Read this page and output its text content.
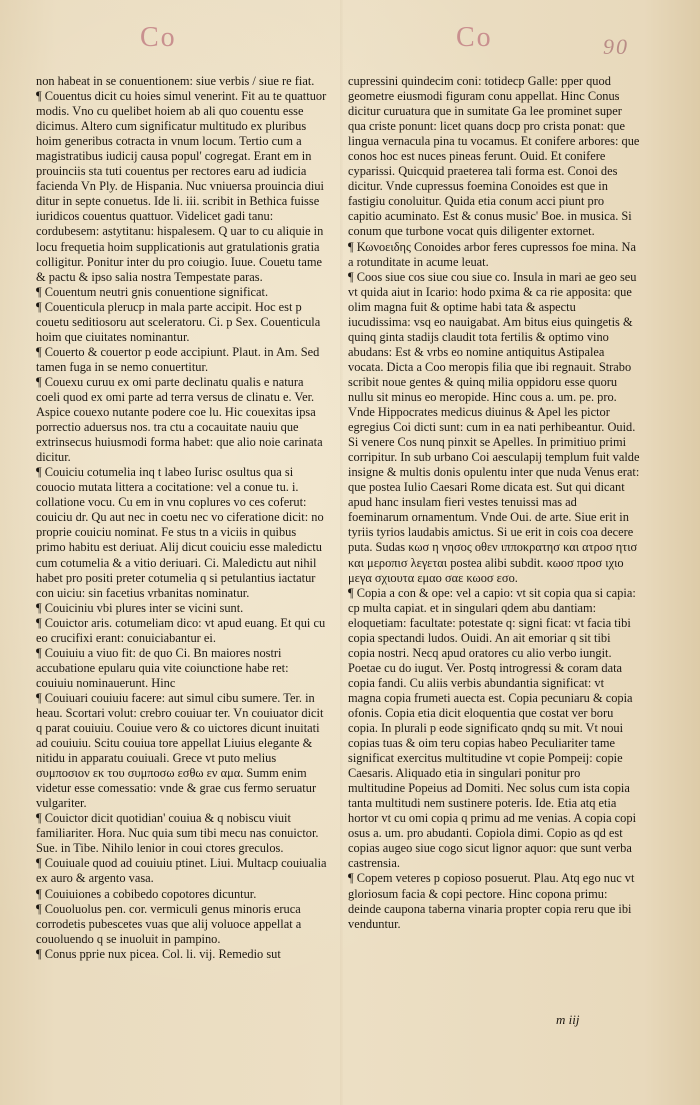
Co	Co	90

non habeat in se conuentionem: siue verbis / siue re fiat.

¶ Couentus dicit cu hoies simul venerint. Fit au te quattuor modis. Vno cu quelibet hoiem ab ali quo couentu esse dicimus. Altero cum significatur multitudo ex pluribus hoim generibus cotracta in vnum locum. Tertio cum a magistratibus iudicij causa popul' cogregat. Erant em in prouinciis sta tuti couentus per rectores earu ad iudicia facienda Vn Ply. de Hispania. Nuc vniuersa prouincia diui ditur in septe conuetus. Ide li. iii. scribit in Bethica fuisse iuridicos couentus quattuor. Videlicet gadi tanu: cordubesem: astytitanu: hispalesem. Q uar to cu aliquie in locu frequetia hoim supplicationis aut gratulationis gratia colligitur. Ponitur inter du pro coiugio. Iuue. Couetu tame & pactu & ipso salia nostra Tempestate paras.

¶ Couentum neutri gnis conuentione significat.

¶ Couenticula plerucp in mala parte accipit. Hoc est p couetu seditiosoru aut sceleratoru. Ci. p Sex. Couenticula hoim que ciuitates nominantur.

¶ Couerto & couertor p eode accipiunt. Plaut. in Am. Sed tamen fuga in se nemo conuertitur.

¶ Couexu curuu ex omi parte declinatu qualis e natura coeli quod ex omi parte ad terra versus de clinatu e. Ver. Aspice couexo nutante podere coe lu. Hic couexitas ipsa porrectio aduersus nos. tra ctu a cocauitate nauiu que extrinsecus huiusmodi forma habet: que alio noie carinata dicitur.

¶ Couiciu cotumelia inq t labeo Iurisc osultus qua si couocio mutata littera a cocitatione: vel a conue tu. i. collatione vocu. Cu em in vnu coplures vo ces coferut: couiciu dr. Qu aut nec in coetu nec vo ciferatione dicit: no proprie couiciu nominat. Fe stus tn a viciis in quibus primo habitu est deriuat. Alij dicut couiciu esse maledictu cum cotumelia & a vitio deriuari. Ci. Maledictu aut nihil habet pro positi preter cotumelia q si petulantius iactatur con uiciu: sin facetius vrbanitas nominatur.

¶ Couiciniu vbi plures inter se vicini sunt.

¶ Couictor aris. cotumeliam dico: vt apud euang. Et qui cu eo crucifixi erant: conuiciabantur ei.

¶ Couiuiu a viuo fit: de quo Ci. Bn maiores nostri accubatione epularu quia vite coiunctione habe ret: couiuiu nominauerunt. Hinc

¶ Couiuari couiuiu facere: aut simul cibu sumere. Ter. in heau. Scortari volut: crebro couiuar ter. Vn couiuator dicit q parat couiuiu. Couiue vero & co uictores dicunt inuitati ad couiuiu. Scitu couiua tore appellat Liuius elegante & nitidu in apparatu couiuali. Grece vt puto melius συμποσιον εκ του συμποσω εσθω εν αμα. Summ enim videtur esse comessatio: vnde & grae cus fermo seruatur vulgariter.

¶ Couictor dicit quotidian' couiua & q nobiscu viuit familiariter. Hora. Nuc quia sum tibi mecu nas conuictor. Sue. in Tibe. Nihilo lenior in coui ctores greculos.

¶ Couiuale quod ad couiuiu ptinet. Liui. Multacp couiualia ex auro & argento vasa.

¶ Couiuiones a cobibedo copotores dicuntur.

¶ Couoluolus pen. cor. vermiculi genus minoris eruca corrodetis pubescetes vuas que alij voluoce appellat a couoluendo q se inuoluit in pampino.

¶ Conus pprie nux picea. Col. li. vij. Remedio sut

cupressini quindecim coni: totidecp Galle: pper quod geometre eiusmodi figuram conu appellat. Hinc Conus dicitur curuatura que in sumitate Ga lee prominet super qua criste ponunt: licet quans docp pro crista ponat: que lingua vernacula pina tu vocamus. Et conifere arbores: que conos hoc est nuces pineas ferunt. Ouid. Et conifere cyparissi. Quicquid praeterea tali forma est. Conoi des dicitur. Vnde cupressus foemina Conoides est que in fastigiu conoluitur. Quida etia conum acci piunt pro capitio acuminato. Est & conus music' Boe. in musica. Si conum que turbone vocat quis diligenter extornet.

¶ Κωνοειδης Conoides arbor feres cupressos foe mina. Na a rotunditate in acume leuat.

¶ Coos siue cos siue cou siue co. Insula in mari ae geo seu vt quida aiut in Icario: hodo pxima & ca rie apposita: que olim magna fuit & optime habi tata & aspectu iucudissima: vsq eo nauigabat. Am bitus eius quingetis & quinq ginta stadijs claudit tota fertilis & optimo vino abudans: Est & vrbs eo nomine antiquitus Astipalea vocata. Dicta a Coo meropis filia que ibi regnauit. Strabo scribit noue gentes & quinq milia oppidoru esse quoru nullu sit minus eo meropide. Hinc cous a. um. pe. pro. Vnde Hippocrates medicus diuinus & Apel les pictor egregius Coi dicti sunt: cum in ea nati perhibeantur. Ouid. Si venere Cos nunq pinxit se Apelles. In primitiuo primi corripitur. In sub urbano Coi aesculapij templum fuit valde insigne & multis donis opulentu inter que nuda Venus erat: que postea Iulio Caesari Rome dicata est. Sut qui dicant apud hanc insulam fieri vestes tenuissi mas ad foeminarum ornamentum. Vnde Oui. de arte. Siue erit in tyriis tyrios laudabis amictus. Si ue erit in cois coa decere puta. Sudas κωσ η νησος οθεν ιπποκρατησ και ατροσ ητισ και μεροπισ λεγεται postea alibi subdit. κωοσ προσ ιχιο μεγα σχιουτα εμαο σαε κωοσ εσο.

¶ Copia a con & ope: vel a capio: vt sit copia qua si capia: cp multa capiat. et in singulari qdem abu dantiam: eloquetiam: facultate: potestate q: signi ficat: vt facia tibi copia spectandi ludos. Ouidi. An ait emoriar q sit tibi copia nostri. Necq apud oratores cu alio verbo iungit. Poetae cu do iugut. Ver. Postq introgressi & coram data copia fandi. Cu aliis verbis abundantia significat: vt magna copia frumeti auecta est. Copia pecuniaru & copia ofonis. Copia etia dicit eloquentia que costat ver boru copia. In plurali p eode significato qndq su mit. Vt noui copias tuas & oim teru copias habeo Peculiariter tame significat exercitus multitudine vt copie Pompeij: copie Caesaris. Aliquado etia in singulari ponitur pro multitudine Popeius ad Domiti. Nec solus cum ista copia tanta multitudi nem sustinere poteris. Ide. Etia atq etia hortor vt cu omi copia q primu ad me venias. A copia copi osus a. um. pro abudanti. Copiola dimi. Copio as qd est copias augeo siue cogo sicut lignor aquor: que sunt verba castrensia.

¶ Copem veteres p copioso posuerut. Plau. Atq ego nuc vt gloriosum facia & copi pectore. Hinc copona primu: deinde caupona taberna vinaria propter copia reru que ibi venduntur.

m iij
